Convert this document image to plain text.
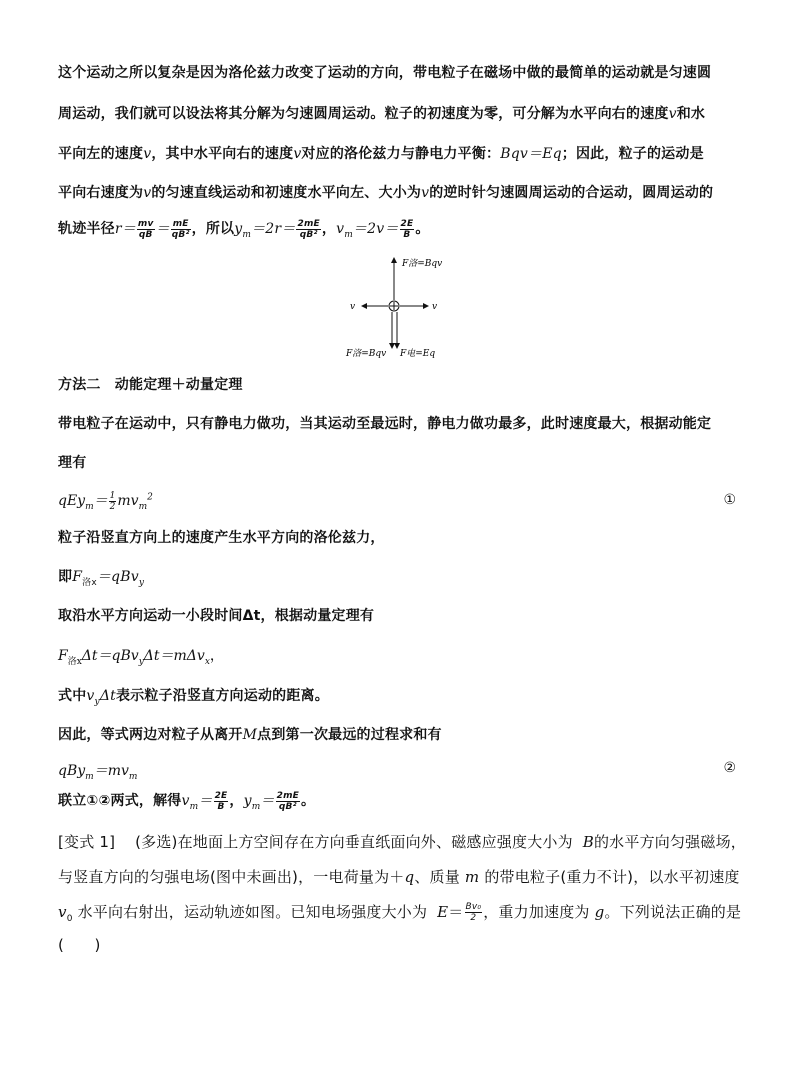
这个运动之所以复杂是因为洛伦兹力改变了运动的方向，带电粒子在磁场中做的最简单的运动就是匀速圆
周运动，我们就可以设法将其分解为匀速圆周运动。粒子的初速度为零，可分解为水平向右的速度v和水
平向左的速度v，其中水平向右的速度v对应的洛伦兹力与静电力平衡：Bqv＝Eq；因此，粒子的运动是
平向右速度为v的匀速直线运动和初速度水平向左、大小为v的逆时针匀速圆周运动的合运动，圆周运动的
轨迹半径$r= \frac{mv}{qB} = \frac{mE}{\text{qB²}}$ ，所以$y_m=2r= \frac{2mE}{\text{qB²}}$ ，$v_m=2v= \frac{2E}{B}$ 。
F洛=Bqv
v	v
F洛=Bqv F电=Eq
方法二　动能定理＋动量定理
带电粒子在运动中，只有静电力做功，当其运动至最远时，静电力做功最多，此时速度最大，根据动能定
理有
$qEy_m= \frac{1}{2} mv_m^2$	①
粒子沿竖直方向上的速度产生水平方向的洛伦兹力，
即$F_{洛x}=qBv_y$
取沿水平方向运动一小段时间Δt，根据动量定理有
$F_{洛x}\Delta t=qBv_y\Delta t=m\Delta v_x$，
式中$v_y\Delta t$表示粒子沿竖直方向运动的距离。
因此，等式两边对粒子从离开M点到第一次最远的过程求和有
$qBy_m=mv_m$
②
联立①②两式，解得$v_m= \frac{2E}{B}$ ，$y_m= \frac{2mE}{\text{qB²}}$ 。
[变式 1] (多选)在地面上方空间存在方向垂直纸面向外、磁感应强度大小为 B的水平方向匀强磁场，
与竖直方向的匀强电场(图中未画出)，一电荷量为＋q、质量 m 的带电粒子(重力不计)，以水平初速度
$v_0$ 水平向右射出，运动轨迹如图。已知电场强度大小为 $E= \frac{\text{Bv₀}}{2}$ ，重力加速度为 g。下列说法正确的是
(　　)
